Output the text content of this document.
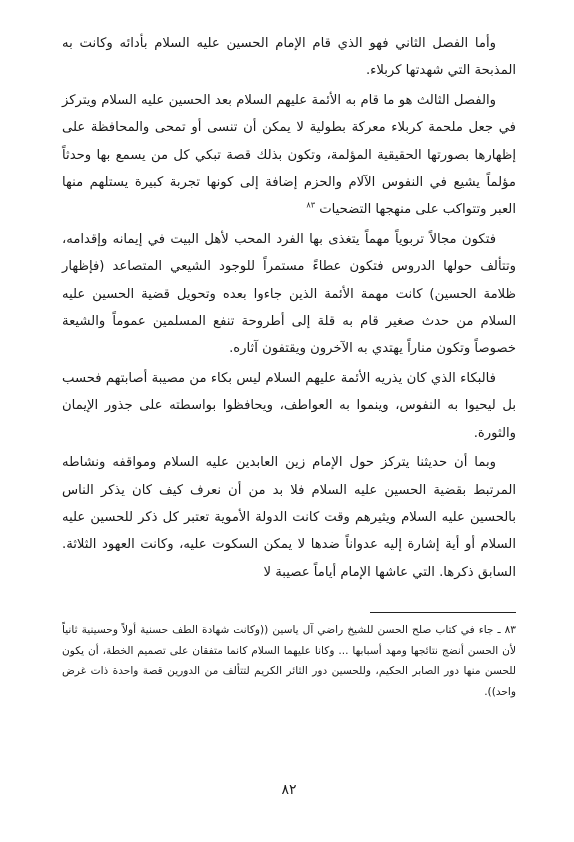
وأما الفصل الثاني فهو الذي قام الإمام الحسين عليه السلام بأدائه وكانت به المذبحة التي شهدتها كربلاء.

والفصل الثالث هو ما قام به الأئمة عليهم السلام بعد الحسين عليه السلام ويتركز في جعل ملحمة كربلاء معركة بطولية لا يمكن أن تنسى أو تمحى والمحافظة على إظهارها بصورتها الحقيقية المؤلمة، وتكون بذلك قصة تبكي كل من يسمع بها وحدثاً مؤلماً يشيع في النفوس الآلام والحزم إضافة إلى كونها تجربة كبيرة يستلهم منها العبر وتتواكب على منهجها التضحيات $^{٨٣}$

فتكون مجالاً تربوياً مهماً يتغذى بها الفرد المحب لأهل البيت في إيمانه وإقدامه، وتتألف حولها الدروس فتكون عطاءً مستمراً للوجود الشيعي المتصاعد (فإظهار ظلامة الحسين) كانت مهمة الأئمة الذين جاءوا بعده وتحويل قضية الحسين عليه السلام من حدث صغير قام به قلة إلى أطروحة تنفع المسلمين عموماً والشيعة خصوصاً وتكون مناراً يهتدي به الآخرون ويقتفون آثاره.

فالبكاء الذي كان يذريه الأئمة عليهم السلام ليس بكاء من مصيبة أصابتهم فحسب بل ليحيوا به النفوس، وينموا به العواطف، ويحافظوا بواسطته على جذور الإيمان والثورة.

وبما أن حديثنا يتركز حول الإمام زين العابدين عليه السلام ومواقفه ونشاطه المرتبط بقضية الحسين عليه السلام فلا بد من أن نعرف كيف كان يذكر الناس بالحسين عليه السلام ويثيرهم وقت كانت الدولة الأموية تعتبر كل ذكر للحسين عليه السلام أو أية إشارة إليه عدواناً ضدها لا يمكن السكوت عليه، وكانت العهود الثلاثة. السابق ذكرها. التي عاشها الإمام أياماً عصيبة لا

٨٣ ـ جاء في كتاب صلح الحسن للشيخ راضي آل ياسين ((وكانت شهادة الطف حسنية أولاً وحسينية ثانياً لأن الحسن أنضج نتائجها ومهد أسبابها ... وكانا عليهما السلام كانما متفقان على تصميم الخطة، أن يكون للحسن منها دور الصابر الحكيم، وللحسين دور الثائر الكريم لتتألف من الدورين قصة واحدة ذات غرض واحد)).

٨٢
